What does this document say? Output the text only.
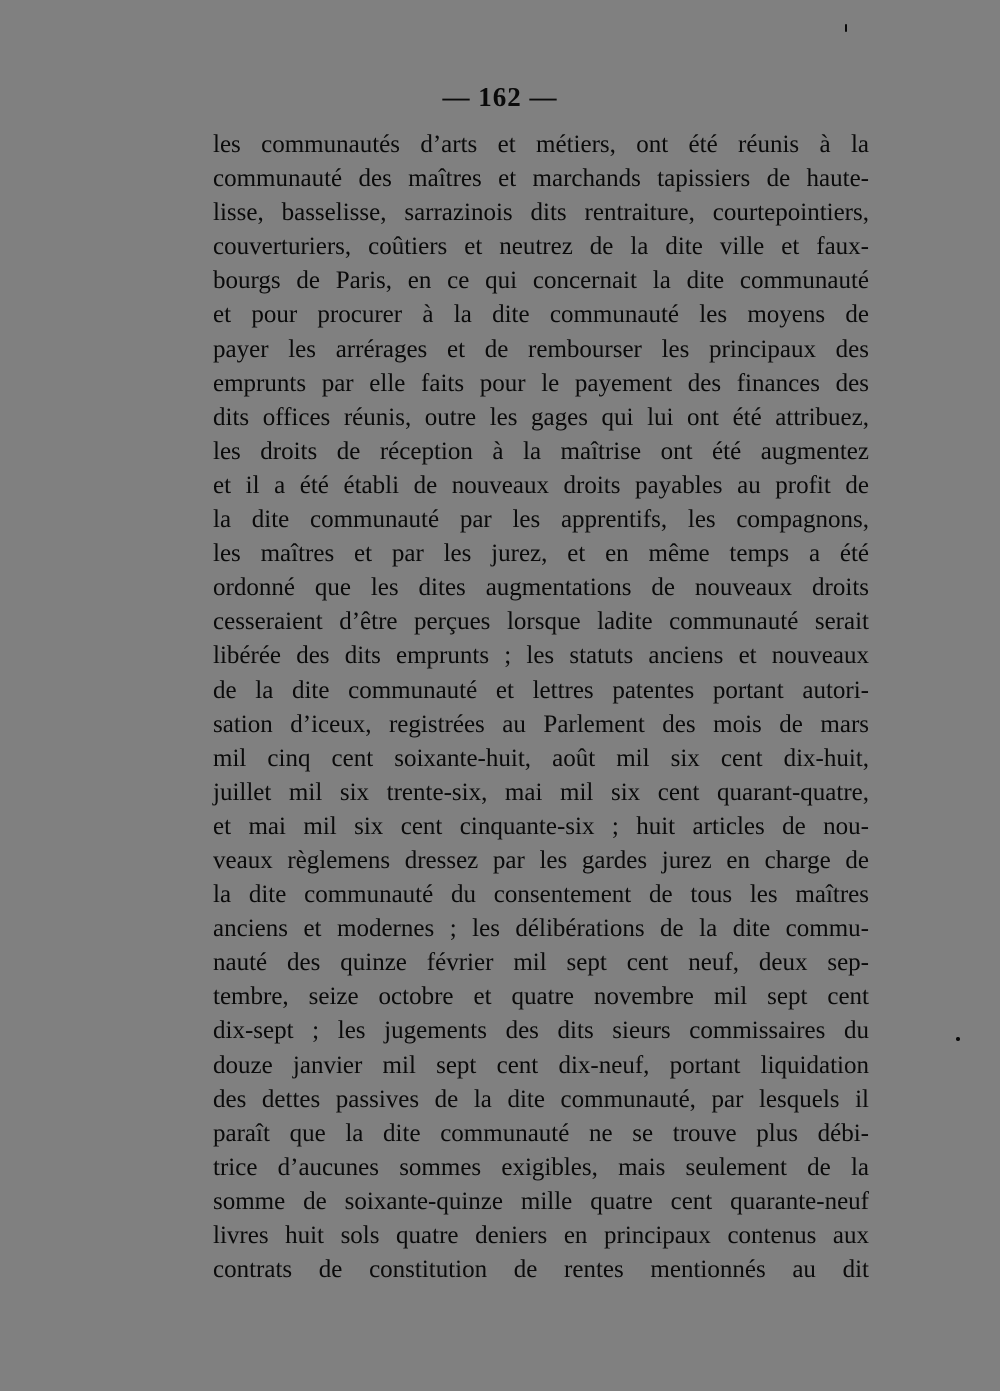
— 162 —
les communautés d’arts et métiers, ont été réunis à la
communauté des maîtres et marchands tapissiers de haute-
lisse, basselisse, sarrazinois dits rentraiture, courtepointiers,
couverturiers, coûtiers et neutrez de la dite ville et faux-
bourgs de Paris, en ce qui concernait la dite communauté
et pour procurer à la dite communauté les moyens de
payer les arrérages et de rembourser les principaux des
emprunts par elle faits pour le payement des finances des
dits offices réunis, outre les gages qui lui ont été attribuez,
les droits de réception à la maîtrise ont été augmentez
et il a été établi de nouveaux droits payables au profit de
la dite communauté par les apprentifs, les compagnons,
les maîtres et par les jurez, et en même temps a été
ordonné que les dites augmentations de nouveaux droits
cesseraient d’être perçues lorsque ladite communauté serait
libérée des dits emprunts ; les statuts anciens et nouveaux
de la dite communauté et lettres patentes portant autori-
sation d’iceux, registrées au Parlement des mois de mars
mil cinq cent soixante-huit, août mil six cent dix-huit,
juillet mil six trente-six, mai mil six cent quarant-quatre,
et mai mil six cent cinquante-six ; huit articles de nou-
veaux règlemens dressez par les gardes jurez en charge de
la dite communauté du consentement de tous les maîtres
anciens et modernes ; les délibérations de la dite commu-
nauté des quinze février mil sept cent neuf, deux sep-
tembre, seize octobre et quatre novembre mil sept cent
dix-sept ; les jugements des dits sieurs commissaires du
douze janvier mil sept cent dix-neuf, portant liquidation
des dettes passives de la dite communauté, par lesquels il
paraît que la dite communauté ne se trouve plus débi-
trice d’aucunes sommes exigibles, mais seulement de la
somme de soixante-quinze mille quatre cent quarante-neuf
livres huit sols quatre deniers en principaux contenus aux
contrats de constitution de rentes mentionnés au dit
